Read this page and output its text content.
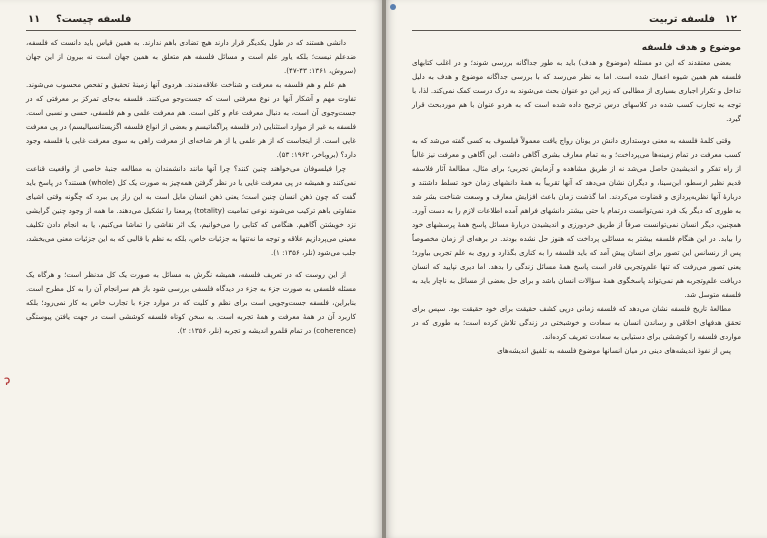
۱۱ فلسفه چیست؟

دانشی هستند که در طول یکدیگر قرار دارند هیچ تضادی باهم ندارند. به همین قیاس باید دانست که فلسفه، ضدعلم نیست؛ بلکه یاور علم است و مسائل فلسفه هم متعلق به همین جهان است نه بیرون از این جهان (سروش، ۱۳۶۱: ۴۳-۴۷).

هم علم و هم فلسفه به معرفت و شناخت علاقه‌مندند. هردوی آنها زمینهٔ تحقیق و تفحص محسوب می‌شوند. تفاوت مهم و آشکار آنها در نوع معرفتی است که جست‌وجو می‌کنند. فلسفه به‌جای تمرکز بر معرفتی که در جست‌وجوی آن است، به دنبال معرفت عام و کلی است. هم معرفت علمی و هم فلسفی، حسی و نسبی است. فلسفه به‌ غیر از موارد استثنایی (در فلسفه پراگماتیسم و بعضی از انواع فلسفه اگزیستانسیالیسم) در پی معرفت غایی است. از اینجاست که از هر علمی یا از هر شاخه‌ای از معرفت راهی به سوی معرفت غایی یا فلسفه وجود دارد؟ (بروباخر، ۱۹۶۲: ۵۳).

چرا فیلسوفان می‌خواهند چنین کنند؟ چرا آنها مانند دانشمندان به مطالعه جنبهٔ خاصی از واقعیت قناعت نمی‌کنند و همیشه در پی معرفت غایی یا در نظر گرفتن همه‌چیز به صورت یک کل (whole) هستند؟ در پاسخ باید گفت که چون ذهن انسان چنین است؛ یعنی ذهن انسان مایل است به این راز پی ببرد که چگونه وقتی اشیای متفاوتی باهم ترکیب می‌شوند نوعی تمامیت (totality) پرمعنا را تشکیل می‌دهند. ما همه از وجود چنین گرایشی نزد خویشتن آگاهیم. هنگامی که کتابی را می‌خوانیم، یک اثر نقاشی را تماشا می‌کنیم، یا به انجام دادن تکلیف معینی می‌پردازیم علاقه و توجه ما نه‌تنها به جزئیات خاص، بلکه به نظم یا قالبی که به این جزئیات معنی می‌بخشد، جلب می‌شود (نلر، ۱۳۵۶: ۱).

از این روست که در تعریف فلسفه، همیشه نگرش به مسائل به صورت یک کل مدنظر است؛ و هرگاه یک مسئله فلسفی به صورت جزء به جزء در دیدگاه فلسفی بررسی شود باز هم سرانجام آن را به کل مطرح است. بنابراین، فلسفه جست‌وجویی است برای نظم و کلیت که در موارد جزء با تجارب خاص به کار نمی‌رود؛ بلکه کاربرد آن در همهٔ معرفت و همهٔ تجربه است. به سخن کوتاه فلسفه کوششی است در جهت یافتن پیوستگی (coherence) در تمام قلمرو اندیشه و تجربه (نلر، ۱۳۵۶: ۲).

ɂ
۱۲
فلسفه تربیت

موضوع و هدف فلسفه

بعضی معتقدند که این دو مسئله (موضوع و هدف) باید به طور جداگانه بررسی شوند؛ و در اغلب کتابهای فلسفه هم همین شیوه اعمال شده است. اما به نظر می‌رسد که با بررسی جداگانه موضوع و هدف به دلیل تداخل و تکرار اجباری بسیاری از مطالبی که زیر این دو عنوان بحث می‌شوند به درک درست کمک نمی‌کند. لذا، با توجه به تجارب کسب شده در کلاسهای درس ترجیح داده شده است که به هردو عنوان با هم موردبحث قرار گیرد.

وقتی کلمهٔ فلسفه به معنی دوستداری دانش در یونان رواج یافت معمولاً فیلسوف به کسی گفته می‌شد که به کسب معرفت در تمام زمینه‌ها می‌پرداخت؛ و به تمام معارف بشری آگاهی داشت. این آگاهی و معرفت نیز غالباً از راه تفکر و اندیشیدن حاصل می‌شد نه از طریق مشاهده و آزمایش تجربی؛ برای مثال، مطالعهٔ آثار فلاسفه قدیم نظیر ارسطو، ابن‌سینا، و دیگران نشان می‌دهد که آنها تقریباً به همهٔ دانشهای زمان خود تسلط داشتند و دربارهٔ آنها نظریه‌پردازی و قضاوت می‌کردند. اما گذشت زمان باعث افزایش معارف و وسعت شناخت بشر شد به طوری که دیگر یک فرد نمی‌توانست درتمام یا حتی بیشتر دانشهای فراهم آمده اطلاعات لازم را به دست آورد. همچنین، دیگر انسان نمی‌توانست صرفاً از طریق خردورزی و اندیشیدن دربارهٔ مسائل پاسخ همهٔ پرسشهای خود را بیابد. در این هنگام فلسفه بیشتر به مسائلی پرداخت که هنوز حل نشده بودند. در برهه‌ای از زمان مخصوصاً پس از رنسانس این تصور برای انسان پیش آمد که باید فلسفه را به کناری بگذارد و روی به علم تجربی بیاورد؛ یعنی تصور می‌رفت که تنها علم‌وتجربی قادر است پاسخ همهٔ مسائل زندگی را بدهد. اما دیری نپایید که انسان دریافت علم‌وتجربه هم نمی‌تواند پاسخگوی همهٔ سؤالات انسان باشد و برای حل بعضی از مسائل به ناچار باید به فلسفه متوسل شد.

مطالعهٔ تاریخ فلسفه نشان می‌دهد که فلسفه زمانی درپی کشف حقیقت برای خود حقیقت بود. سپس برای تحقق هدفهای اخلاقی و رساندن انسان به سعادت و خوشبختی در زندگی تلاش کرده است؛ به طوری که در مواردی فلسفه را کوششی برای دستیابی به سعادت تعریف کرده‌اند.

پس از نفوذ اندیشه‌های دینی در میان انسانها موضوع فلسفه به تلفیق اندیشه‌های
